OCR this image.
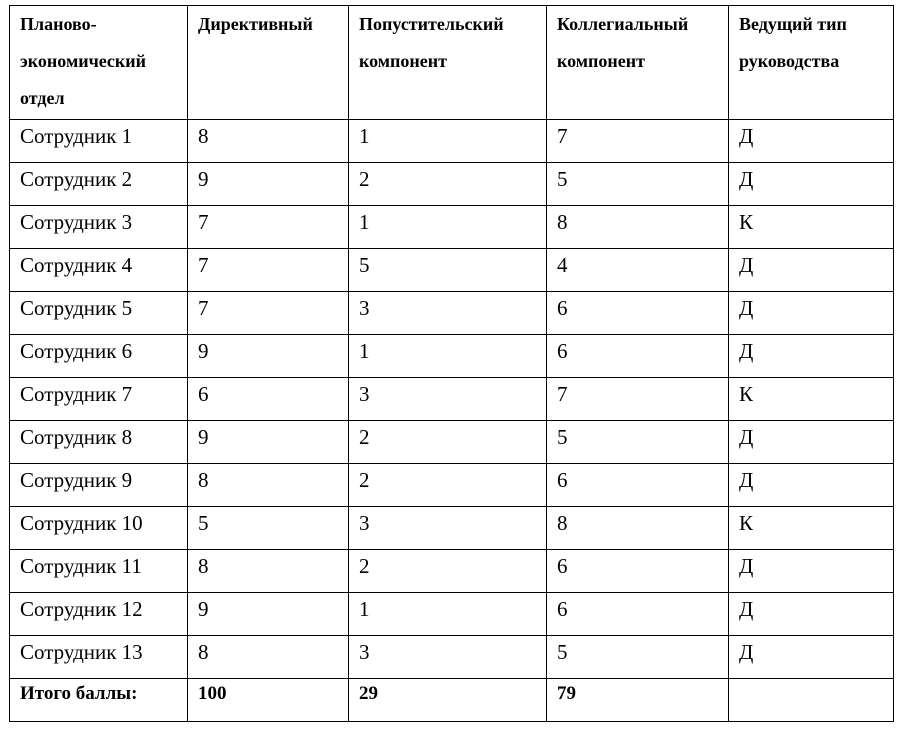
Планово-экономический отдел	Директивный	Попустительский компонент	Коллегиальный компонент	Ведущий тип руководства

Сотрудник 1	8	1	7	Д
Сотрудник 2	9	2	5	Д
Сотрудник 3	7	1	8	К
Сотрудник 4	7	5	4	Д
Сотрудник 5	7	3	6	Д
Сотрудник 6	9	1	6	Д
Сотрудник 7	6	3	7	К
Сотрудник 8	9	2	5	Д
Сотрудник 9	8	2	6	Д
Сотрудник 10	5	3	8	К
Сотрудник 11	8	2	6	Д
Сотрудник 12	9	1	6	Д
Сотрудник 13	8	3	5	Д
Итого баллы:	100	29	79	
